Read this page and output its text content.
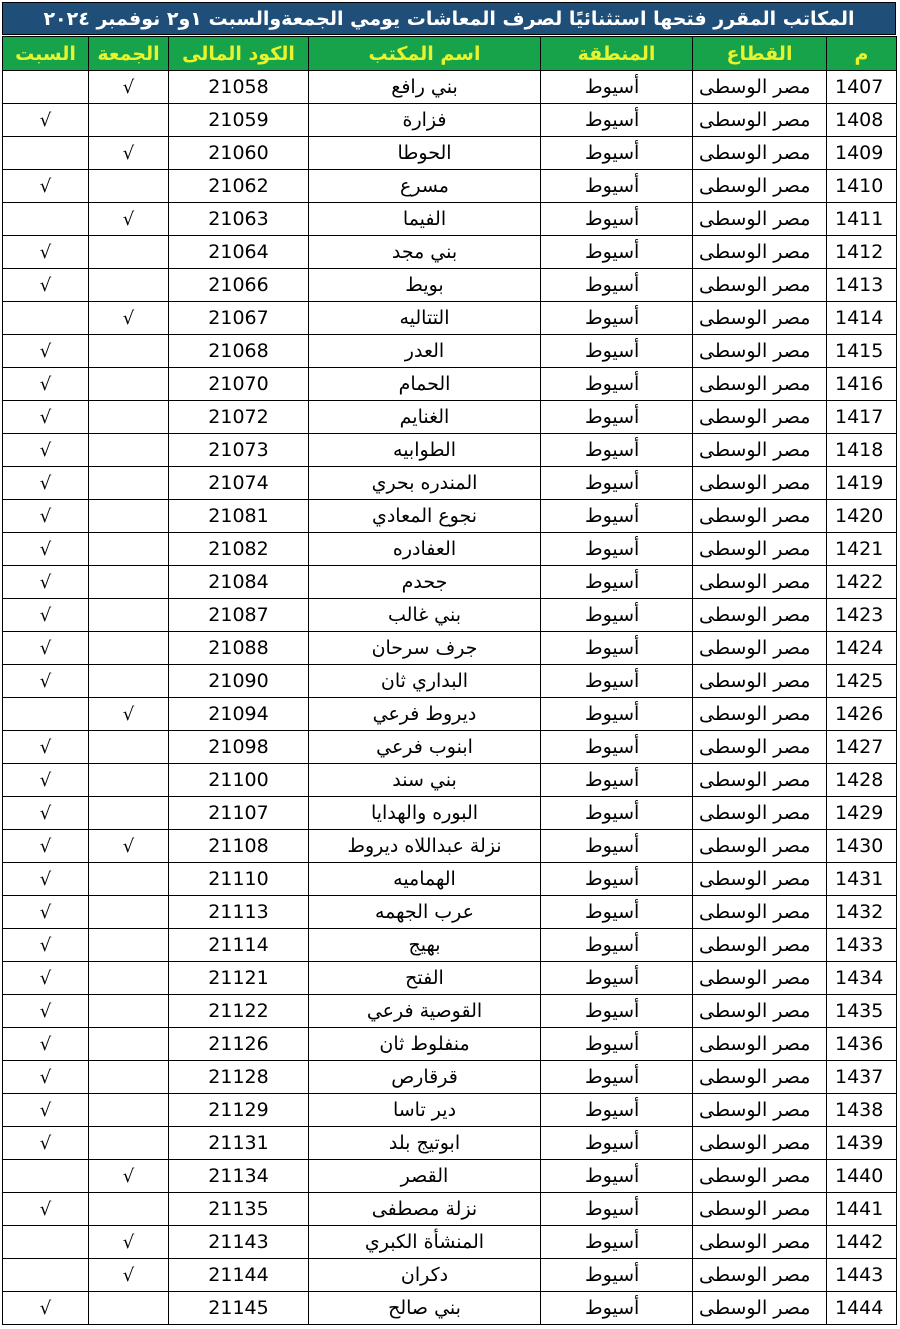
المكاتب المقرر فتحها استثنائيًا لصرف المعاشات يومي الجمعةوالسبت ١و٢ نوفمبر ٢٠٢٤
م	القطاع	المنطقة	اسم المكتب	الكود المالى	الجمعة	السبت
1407	مصر الوسطى	أسيوط	بني رافع	21058	√	
1408	مصر الوسطى	أسيوط	فزارة	21059		√
1409	مصر الوسطى	أسيوط	الحوطا	21060	√	
1410	مصر الوسطى	أسيوط	مسرع	21062		√
1411	مصر الوسطى	أسيوط	الفيما	21063	√	
1412	مصر الوسطى	أسيوط	بني مجد	21064		√
1413	مصر الوسطى	أسيوط	بويط	21066		√
1414	مصر الوسطى	أسيوط	التتاليه	21067	√	
1415	مصر الوسطى	أسيوط	العدر	21068		√
1416	مصر الوسطى	أسيوط	الحمام	21070		√
1417	مصر الوسطى	أسيوط	الغنايم	21072		√
1418	مصر الوسطى	أسيوط	الطوابيه	21073		√
1419	مصر الوسطى	أسيوط	المندره بحري	21074		√
1420	مصر الوسطى	أسيوط	نجوع المعادي	21081		√
1421	مصر الوسطى	أسيوط	العفادره	21082		√
1422	مصر الوسطى	أسيوط	جحدم	21084		√
1423	مصر الوسطى	أسيوط	بني غالب	21087		√
1424	مصر الوسطى	أسيوط	جرف سرحان	21088		√
1425	مصر الوسطى	أسيوط	البداري ثان	21090		√
1426	مصر الوسطى	أسيوط	ديروط فرعي	21094	√	
1427	مصر الوسطى	أسيوط	ابنوب فرعي	21098		√
1428	مصر الوسطى	أسيوط	بني سند	21100		√
1429	مصر الوسطى	أسيوط	البوره والهدايا	21107		√
1430	مصر الوسطى	أسيوط	نزلة عبداللاه ديروط	21108	√	√
1431	مصر الوسطى	أسيوط	الهماميه	21110		√
1432	مصر الوسطى	أسيوط	عرب الجهمه	21113		√
1433	مصر الوسطى	أسيوط	بهيج	21114		√
1434	مصر الوسطى	أسيوط	الفتح	21121		√
1435	مصر الوسطى	أسيوط	القوصية فرعي	21122		√
1436	مصر الوسطى	أسيوط	منفلوط ثان	21126		√
1437	مصر الوسطى	أسيوط	قرقارص	21128		√
1438	مصر الوسطى	أسيوط	دير تاسا	21129		√
1439	مصر الوسطى	أسيوط	ابوتيج بلد	21131		√
1440	مصر الوسطى	أسيوط	القصر	21134	√	
1441	مصر الوسطى	أسيوط	نزلة مصطفى	21135		√
1442	مصر الوسطى	أسيوط	المنشأة الكبري	21143	√	
1443	مصر الوسطى	أسيوط	دكران	21144	√	
1444	مصر الوسطى	أسيوط	بني صالح	21145		√
